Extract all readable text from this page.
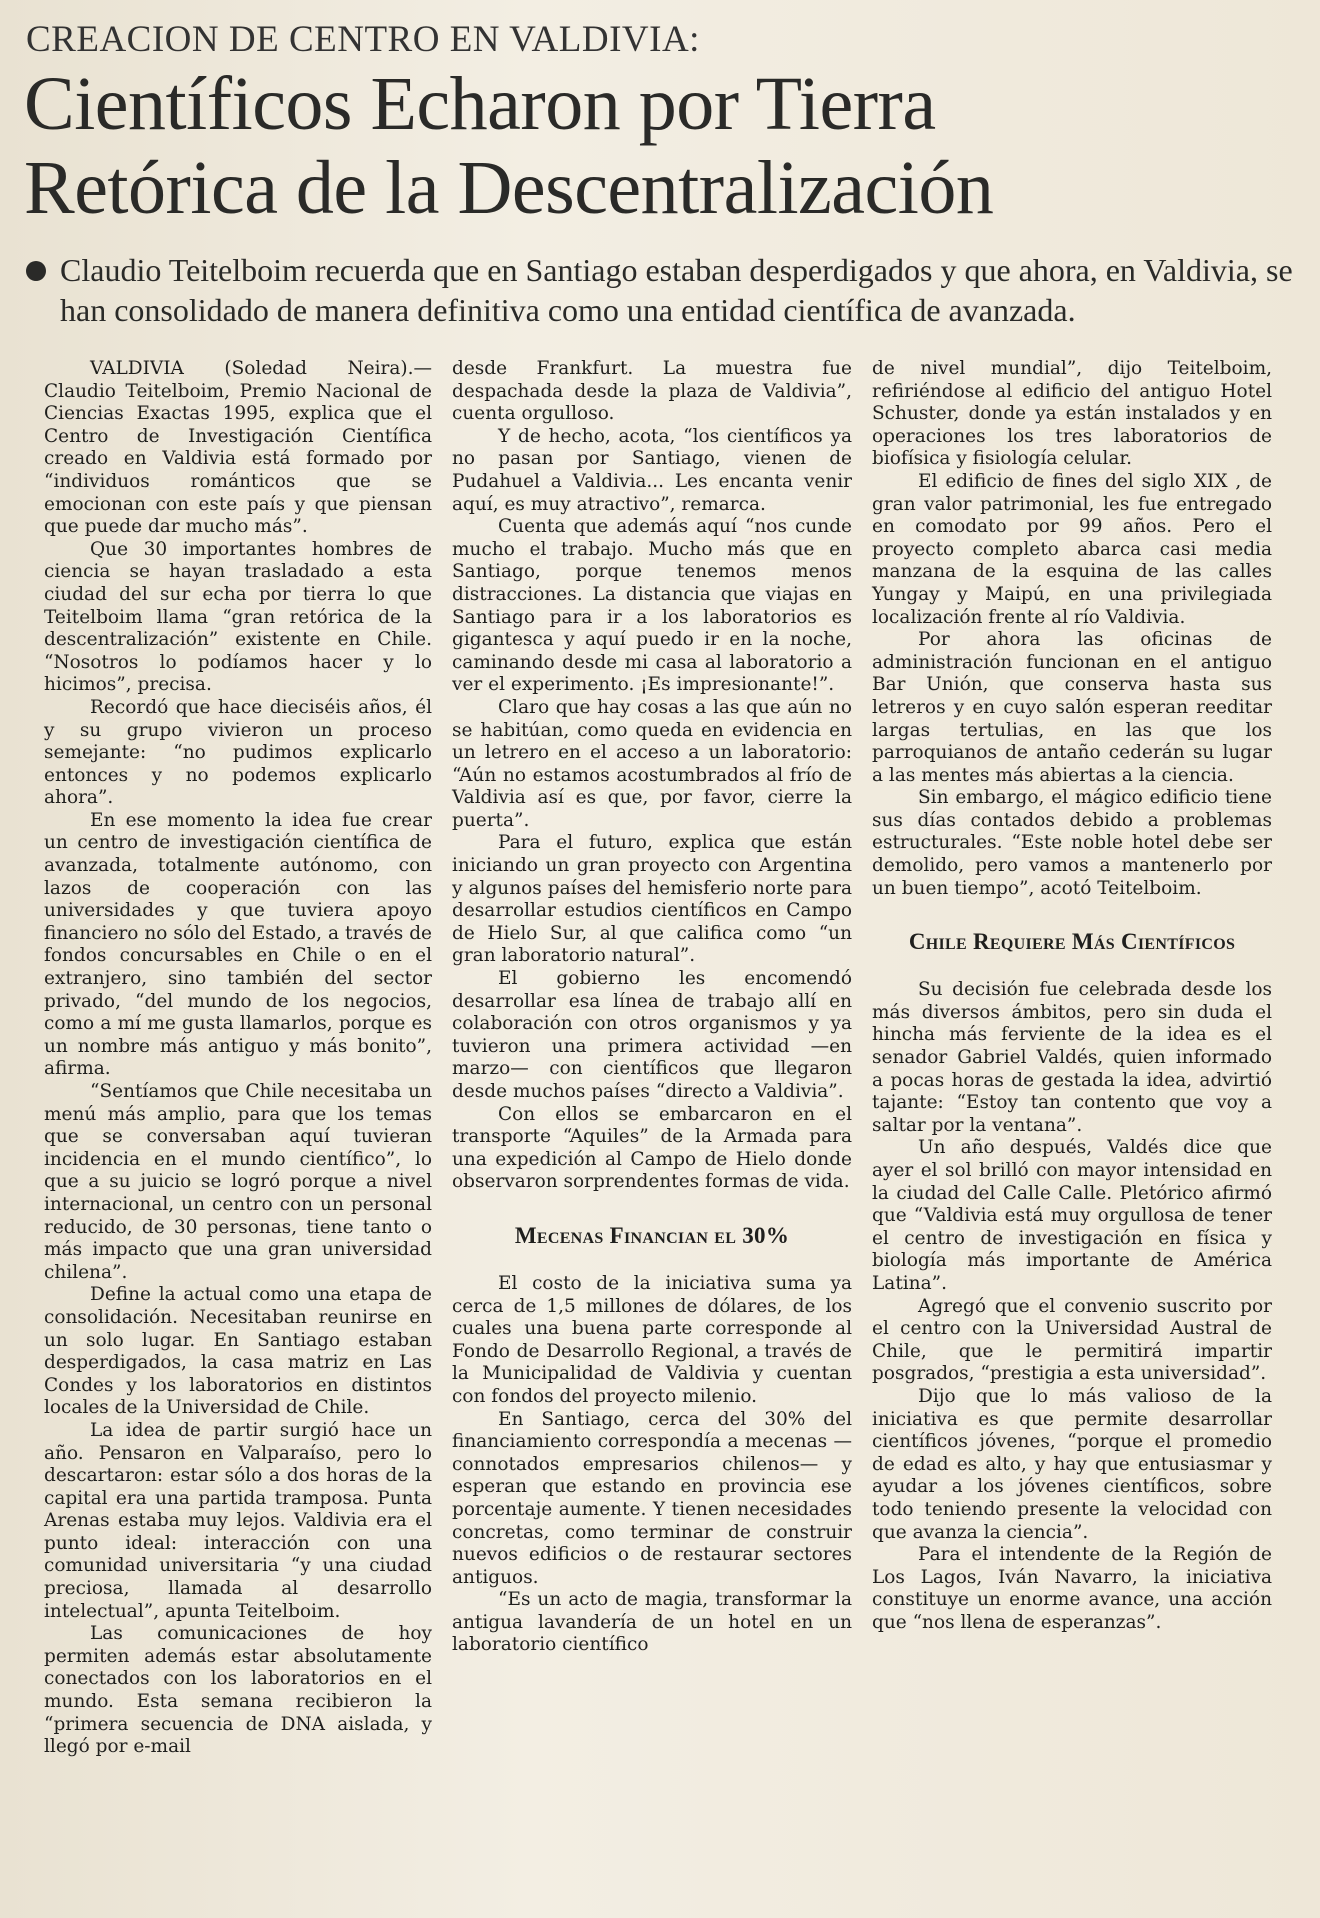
CREACION DE CENTRO EN VALDIVIA:
Científicos Echaron por Tierra
Retórica de la Descentralización
Claudio Teitelboim recuerda que en Santiago estaban desperdigados y que ahora, en Valdivia, se han consolidado de manera definitiva como una entidad científica de avanzada.

VALDIVIA (Soledad Neira).— Claudio Teitelboim, Premio Nacional de Ciencias Exactas 1995, explica que el Centro de Investigación Científica creado en Valdivia está formado por “individuos románticos que se emocionan con este país y que piensan que puede dar mucho más”.

Que 30 importantes hombres de ciencia se hayan trasladado a esta ciudad del sur echa por tierra lo que Teitelboim llama “gran retórica de la descentralización” existente en Chile. “Nosotros lo podíamos hacer y lo hicimos”, precisa.

Recordó que hace dieciséis años, él y su grupo vivieron un proceso semejante: “no pudimos explicarlo entonces y no podemos explicarlo ahora”.

En ese momento la idea fue crear un centro de investigación científica de avanzada, totalmente autónomo, con lazos de cooperación con las universidades y que tuviera apoyo financiero no sólo del Estado, a través de fondos concursables en Chile o en el extranjero, sino también del sector privado, “del mundo de los negocios, como a mí me gusta llamarlos, porque es un nombre más antiguo y más bonito”, afirma.

“Sentíamos que Chile necesitaba un menú más amplio, para que los temas que se conversaban aquí tuvieran incidencia en el mundo científico”, lo que a su juicio se logró porque a nivel internacional, un centro con un personal reducido, de 30 personas, tiene tanto o más impacto que una gran universidad chilena”.

Define la actual como una etapa de consolidación. Necesitaban reunirse en un solo lugar. En Santiago estaban desperdigados, la casa matriz en Las Condes y los laboratorios en distintos locales de la Universidad de Chile.

La idea de partir surgió hace un año. Pensaron en Valparaíso, pero lo descartaron: estar sólo a dos horas de la capital era una partida tramposa. Punta Arenas estaba muy lejos. Valdivia era el punto ideal: interacción con una comunidad universitaria “y una ciudad preciosa, llamada al desarrollo intelectual”, apunta Teitelboim.

Las comunicaciones de hoy permiten además estar absolutamente conectados con los laboratorios en el mundo. Esta semana recibieron la “primera secuencia de DNA aislada, y llegó por e-mail

desde Frankfurt. La muestra fue despachada desde la plaza de Valdivia”, cuenta orgulloso.

Y de hecho, acota, “los científicos ya no pasan por Santiago, vienen de Pudahuel a Valdivia... Les encanta venir aquí, es muy atractivo”, remarca.

Cuenta que además aquí “nos cunde mucho el trabajo. Mucho más que en Santiago, porque tenemos menos distracciones. La distancia que viajas en Santiago para ir a los laboratorios es gigantesca y aquí puedo ir en la noche, caminando desde mi casa al laboratorio a ver el experimento. ¡Es impresionante!”.

Claro que hay cosas a las que aún no se habitúan, como queda en evidencia en un letrero en el acceso a un laboratorio: “Aún no estamos acostumbrados al frío de Valdivia así es que, por favor, cierre la puerta”.

Para el futuro, explica que están iniciando un gran proyecto con Argentina y algunos países del hemisferio norte para desarrollar estudios científicos en Campo de Hielo Sur, al que califica como “un gran laboratorio natural”.

El gobierno les encomendó desarrollar esa línea de trabajo allí en colaboración con otros organismos y ya tuvieron una primera actividad —en marzo— con científicos que llegaron desde muchos países “directo a Valdivia”.

Con ellos se embarcaron en el transporte “Aquiles” de la Armada para una expedición al Campo de Hielo donde observaron sorprendentes formas de vida.

Mecenas Financian el 30%

El costo de la iniciativa suma ya cerca de 1,5 millones de dólares, de los cuales una buena parte corresponde al Fondo de Desarrollo Regional, a través de la Municipalidad de Valdivia y cuentan con fondos del proyecto milenio.

En Santiago, cerca del 30% del financiamiento correspondía a mecenas —connotados empresarios chilenos— y esperan que estando en provincia ese porcentaje aumente. Y tienen necesidades concretas, como terminar de construir nuevos edificios o de restaurar sectores antiguos.

“Es un acto de magia, transformar la antigua lavandería de un hotel en un laboratorio científico

de nivel mundial”, dijo Teitelboim, refiriéndose al edificio del antiguo Hotel Schuster, donde ya están instalados y en operaciones los tres laboratorios de biofísica y fisiología celular.

El edificio de fines del siglo XIX , de gran valor patrimonial, les fue entregado en comodato por 99 años. Pero el proyecto completo abarca casi media manzana de la esquina de las calles Yungay y Maipú, en una privilegiada localización frente al río Valdivia.

Por ahora las oficinas de administración funcionan en el antiguo Bar Unión, que conserva hasta sus letreros y en cuyo salón esperan reeditar largas tertulias, en las que los parroquianos de antaño cederán su lugar a las mentes más abiertas a la ciencia.

Sin embargo, el mágico edificio tiene sus días contados debido a problemas estructurales. “Este noble hotel debe ser demolido, pero vamos a mantenerlo por un buen tiempo”, acotó Teitelboim.

Chile Requiere Más Científicos

Su decisión fue celebrada desde los más diversos ámbitos, pero sin duda el hincha más ferviente de la idea es el senador Gabriel Valdés, quien informado a pocas horas de gestada la idea, advirtió tajante: “Estoy tan contento que voy a saltar por la ventana”.

Un año después, Valdés dice que ayer el sol brilló con mayor intensidad en la ciudad del Calle Calle. Pletórico afirmó que “Valdivia está muy orgullosa de tener el centro de investigación en física y biología más importante de América Latina”.

Agregó que el convenio suscrito por el centro con la Universidad Austral de Chile, que le permitirá impartir posgrados, “prestigia a esta universidad”.

Dijo que lo más valioso de la iniciativa es que permite desarrollar científicos jóvenes, “porque el promedio de edad es alto, y hay que entusiasmar y ayudar a los jóvenes científicos, sobre todo teniendo presente la velocidad con que avanza la ciencia”.

Para el intendente de la Región de Los Lagos, Iván Navarro, la iniciativa constituye un enorme avance, una acción que “nos llena de esperanzas”.
